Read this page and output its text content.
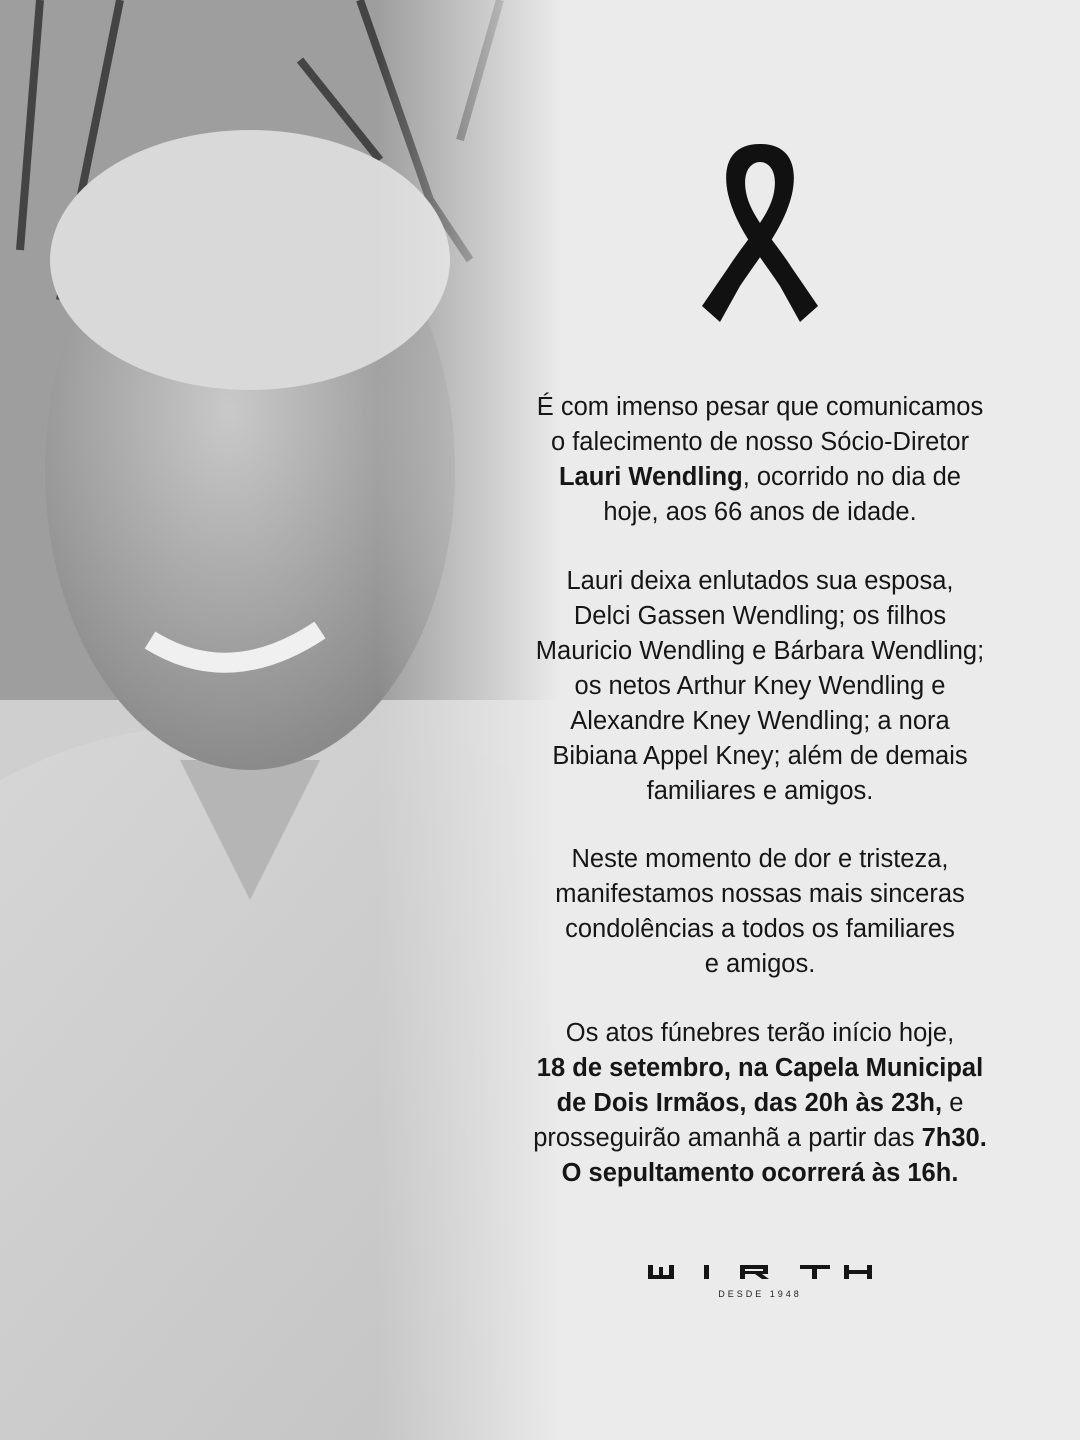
É com imenso pesar que comunicamos
o falecimento de nosso Sócio-Diretor
Lauri Wendling, ocorrido no dia de
hoje, aos 66 anos de idade.
Lauri deixa enlutados sua esposa,
Delci Gassen Wendling; os filhos
Mauricio Wendling e Bárbara Wendling;
os netos Arthur Kney Wendling e
Alexandre Kney Wendling; a nora
Bibiana Appel Kney; além de demais
familiares e amigos.
Neste momento de dor e tristeza,
manifestamos nossas mais sinceras
condolências a todos os familiares
e amigos.
Os atos fúnebres terão início hoje,
18 de setembro, na Capela Municipal
de Dois Irmãos, das 20h às 23h, e
prosseguirão amanhã a partir das 7h30.
O sepultamento ocorrerá às 16h.
DESDE 1948
